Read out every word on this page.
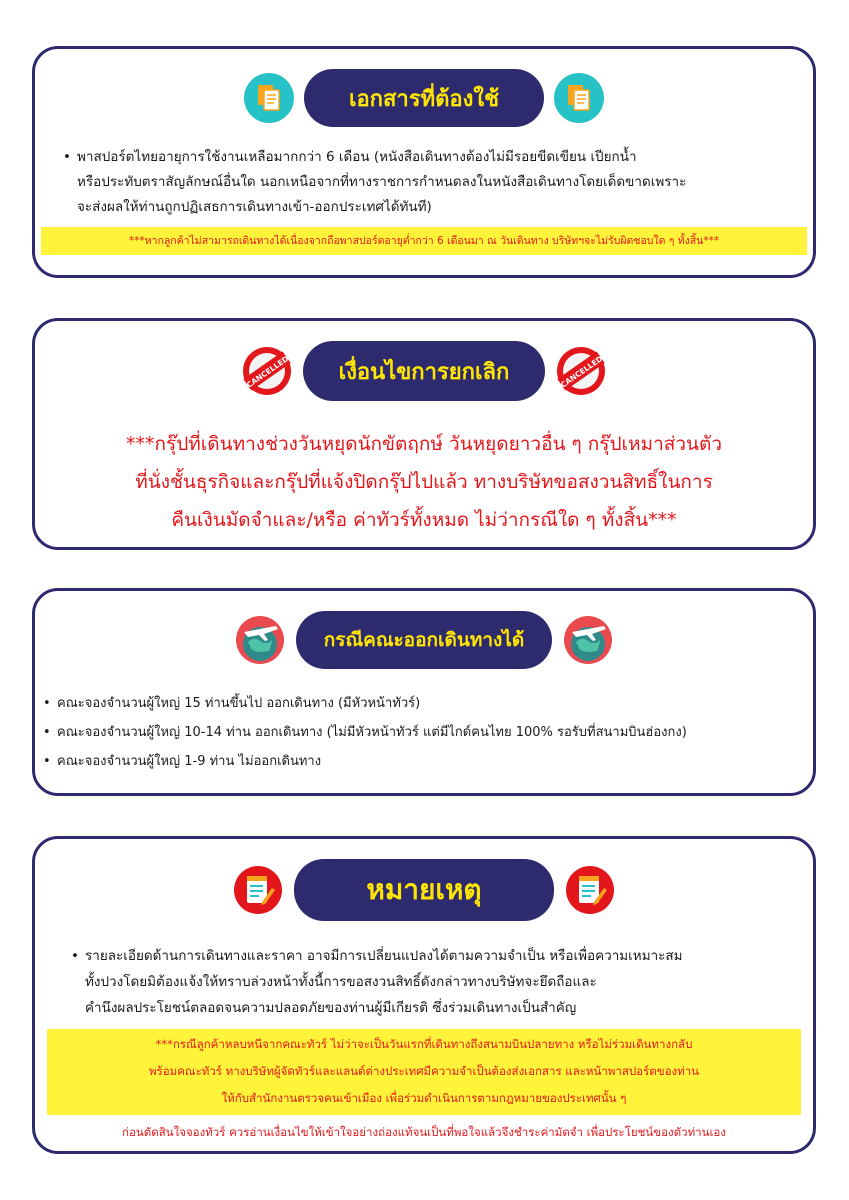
เอกสารที่ต้องใช้
• พาสปอร์ตไทยอายุการใช้งานเหลือมากกว่า 6 เดือน (หนังสือเดินทางต้องไม่มีรอยขีดเขียน เปียกน้ำ
หรือประทับตราสัญลักษณ์อื่นใด นอกเหนือจากที่ทางราชการกำหนดลงในหนังสือเดินทางโดยเด็ดขาดเพราะ
จะส่งผลให้ท่านถูกปฏิเสธการเดินทางเข้า-ออกประเทศได้ทันที)
***หากลูกค้าไม่สามารถเดินทางได้เนื่องจากถือพาสปอร์ตอายุต่ำกว่า 6 เดือนมา ณ วันเดินทาง บริษัทฯจะไม่รับผิดชอบใด ๆ ทั้งสิ้น***
CANCELLED	เงื่อนไขการยกเลิก	CANCELLED
***กรุ๊ปที่เดินทางช่วงวันหยุดนักขัตฤกษ์ วันหยุดยาวอื่น ๆ กรุ๊ปเหมาส่วนตัว
ที่นั่งชั้นธุรกิจและกรุ๊ปที่แจ้งปิดกรุ๊ปไปแล้ว ทางบริษัทขอสงวนสิทธิ์ในการ
คืนเงินมัดจำและ/หรือ ค่าทัวร์ทั้งหมด ไม่ว่ากรณีใด ๆ ทั้งสิ้น***
กรณีคณะออกเดินทางได้
• คณะจองจำนวนผู้ใหญ่ 15 ท่านขึ้นไป ออกเดินทาง (มีหัวหน้าทัวร์)
• คณะจองจำนวนผู้ใหญ่ 10-14 ท่าน ออกเดินทาง (ไม่มีหัวหน้าทัวร์ แต่มีไกด์คนไทย 100% รอรับที่สนามบินฮ่องกง)
• คณะจองจำนวนผู้ใหญ่ 1-9 ท่าน ไม่ออกเดินทาง
หมายเหตุ
• รายละเอียดด้านการเดินทางและราคา อาจมีการเปลี่ยนแปลงได้ตามความจำเป็น หรือเพื่อความเหมาะสม
ทั้งปวงโดยมิต้องแจ้งให้ทราบล่วงหน้าทั้งนี้การขอสงวนสิทธิ์ดังกล่าวทางบริษัทจะยึดถือและ
คำนึงผลประโยชน์ตลอดจนความปลอดภัยของท่านผู้มีเกียรติ ซึ่งร่วมเดินทางเป็นสำคัญ
***กรณีลูกค้าหลบหนีจากคณะทัวร์ ไม่ว่าจะเป็นวันแรกที่เดินทางถึงสนามบินปลายทาง หรือไม่ร่วมเดินทางกลับ
พร้อมคณะทัวร์ ทางบริษัทผู้จัดทัวร์และแลนด์ต่างประเทศมีความจำเป็นต้องส่งเอกสาร และหน้าพาสปอร์ตของท่าน
ให้กับสำนักงานตรวจคนเข้าเมือง เพื่อร่วมดำเนินการตามกฎหมายของประเทศนั้น ๆ
ก่อนตัดสินใจจองทัวร์ ควรอ่านเงื่อนไขให้เข้าใจอย่างถ่องแท้จนเป็นที่พอใจแล้วจึงชำระค่ามัดจำ เพื่อประโยชน์ของตัวท่านเอง
